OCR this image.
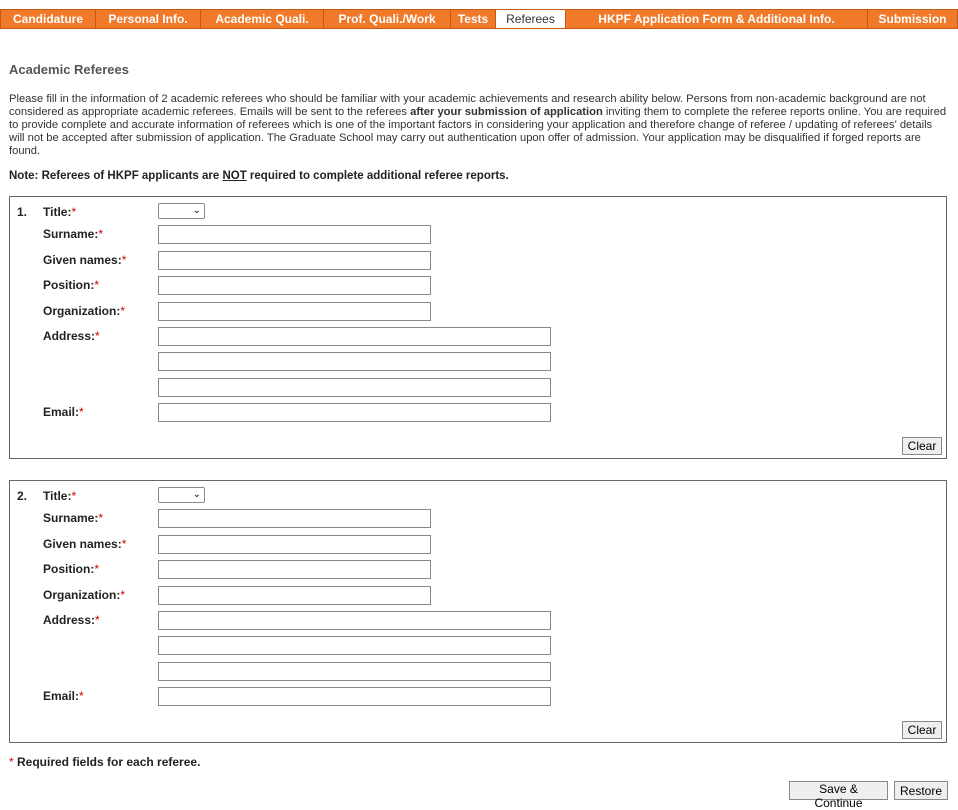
Candidature	Personal Info.	Academic Quali.	Prof. Quali./Work	Tests	Referees	HKPF Application Form & Additional Info.	Submission
Academic Referees

Please fill in the information of 2 academic referees who should be familiar with your academic achievements and research ability below. Persons from non-academic background are not considered as appropriate academic referees. Emails will be sent to the referees after your submission of application inviting them to complete the referee reports online. You are required to provide complete and accurate information of referees which is one of the important factors in considering your application and therefore change of referee / updating of referees' details will not be accepted after submission of application. The Graduate School may carry out authentication upon offer of admission. Your application may be disqualified if forged reports are found.

Note: Referees of HKPF applicants are NOT required to complete additional referee reports.

1. Title:*	⌄
Surname:*
Given names:*
Position:*
Organization:*
Address:*
Email:*
Clear
2. Title:*	⌄
Surname:*
Given names:*
Position:*
Organization:*
Address:*
Email:*
Clear
* Required fields for each referee.
Save & Continue
Restore
